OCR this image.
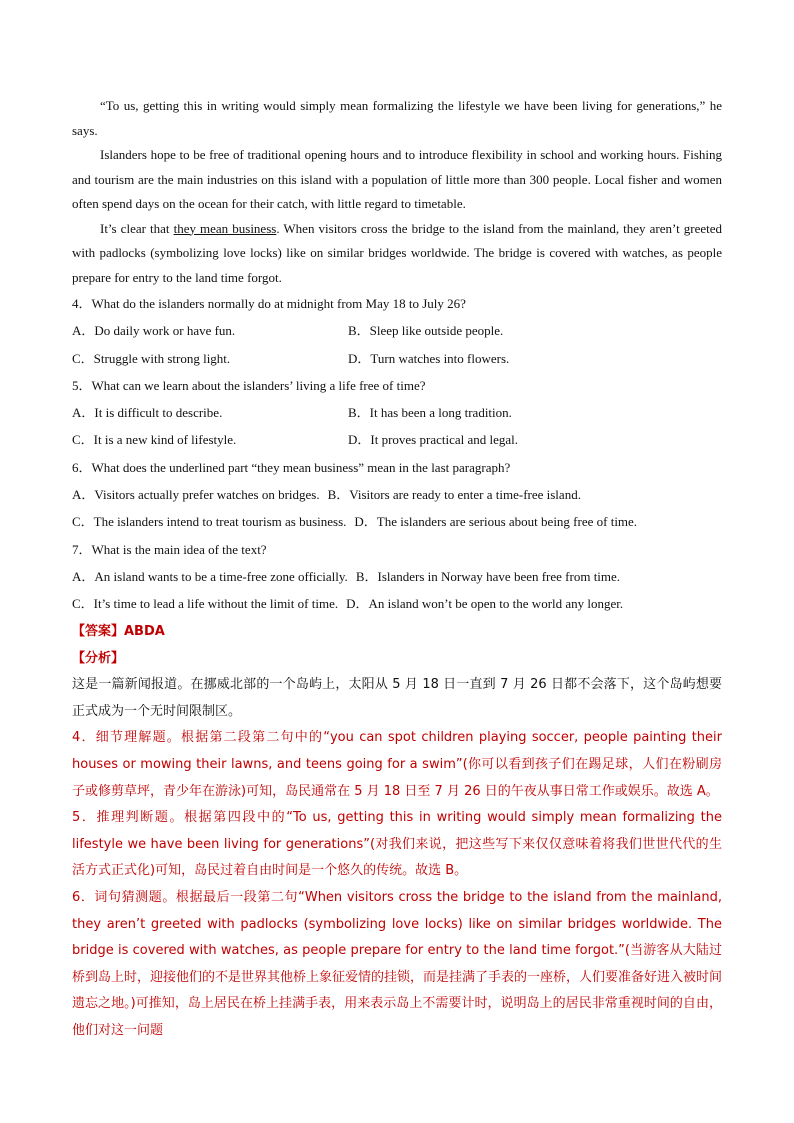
“To us, getting this in writing would simply mean formalizing the lifestyle we have been living for generations,” he says.

Islanders hope to be free of traditional opening hours and to introduce flexibility in school and working hours. Fishing and tourism are the main industries on this island with a population of little more than 300 people. Local fisher and women often spend days on the ocean for their catch, with little regard to timetable.

It’s clear that they mean business. When visitors cross the bridge to the island from the mainland, they aren’t greeted with padlocks (symbolizing love locks) like on similar bridges worldwide. The bridge is covered with watches, as people prepare for entry to the land time forgot.

4．What do the islanders normally do at midnight from May 18 to July 26?
A．Do daily work or have fun.	B．Sleep like outside people.
C．Struggle with strong light.	D．Turn watches into flowers.
5．What can we learn about the islanders’ living a life free of time?
A．It is difficult to describe.	B．It has been a long tradition.
C．It is a new kind of lifestyle.	D．It proves practical and legal.
6．What does the underlined part “they mean business” mean in the last paragraph?
A．Visitors actually prefer watches on bridges. B．Visitors are ready to enter a time-free island.
C．The islanders intend to treat tourism as business. D．The islanders are serious about being free of time.
7．What is the main idea of the text?
A．An island wants to be a time-free zone officially. B．Islanders in Norway have been free from time.
C．It’s time to lead a life without the limit of time. D．An island won’t be open to the world any longer.
【答案】ABDA
【分析】

这是一篇新闻报道。在挪威北部的一个岛屿上，太阳从 5 月 18 日一直到 7 月 26 日都不会落下，这个岛屿想要正式成为一个无时间限制区。

4．细节理解题。根据第二段第二句中的“you can spot children playing soccer, people painting their houses or mowing their lawns, and teens going for a swim”(你可以看到孩子们在踢足球，人们在粉刷房子或修剪草坪，青少年在游泳)可知，岛民通常在 5 月 18 日至 7 月 26 日的午夜从事日常工作或娱乐。故选 A。

5．推理判断题。根据第四段中的“To us, getting this in writing would simply mean formalizing the lifestyle we have been living for generations”(对我们来说，把这些写下来仅仅意味着将我们世世代代的生活方式正式化)可知，岛民过着自由时间是一个悠久的传统。故选 B。

6．词句猜测题。根据最后一段第二句“When visitors cross the bridge to the island from the mainland, they aren’t greeted with padlocks (symbolizing love locks) like on similar bridges worldwide. The bridge is covered with watches, as people prepare for entry to the land time forgot.”(当游客从大陆过桥到岛上时，迎接他们的不是世界其他桥上象征爱情的挂锁，而是挂满了手表的一座桥，人们要准备好进入被时间遗忘之地。)可推知，岛上居民在桥上挂满手表，用来表示岛上不需要计时，说明岛上的居民非常重视时间的自由，他们对这一问题
